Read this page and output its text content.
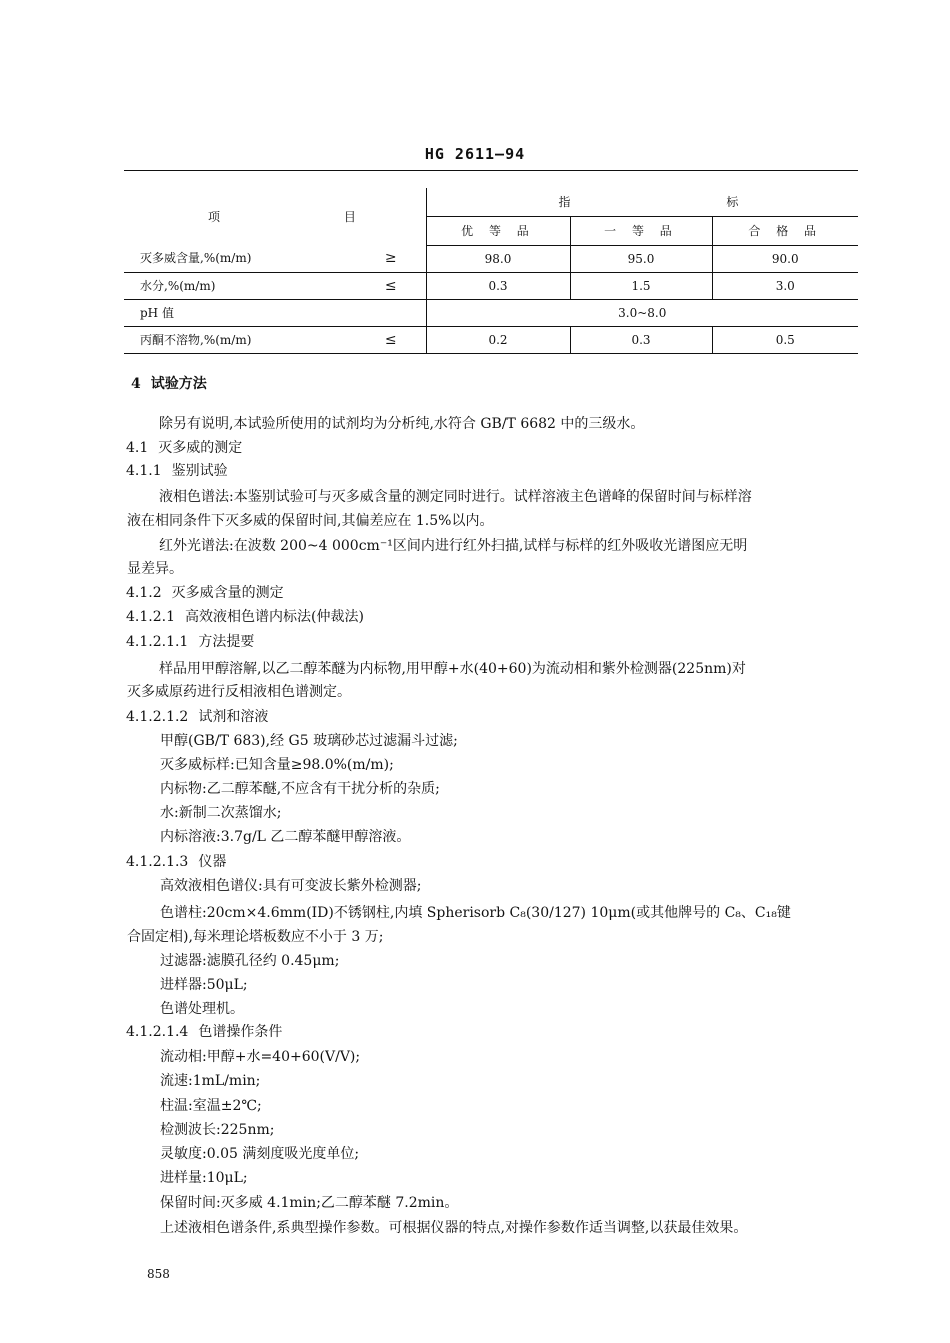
HG 2611—94
项 目		指 标		
		优 等 品	一 等 品	合 格 品
灭多威含量,%(m/m)	≥	98.0	95.0	90.0
水分,%(m/m)	≤	0.3	1.5	3.0
pH 值		3.0~8.0		
丙酮不溶物,%(m/m)	≤	0.2	0.3	0.5
4 试验方法
除另有说明,本试验所使用的试剂均为分析纯,水符合 GB/T 6682 中的三级水。
4.1 灭多威的测定
4.1.1 鉴别试验
液相色谱法:本鉴别试验可与灭多威含量的测定同时进行。试样溶液主色谱峰的保留时间与标样溶
液在相同条件下灭多威的保留时间,其偏差应在 1.5%以内。
红外光谱法:在波数 200~4 000cm⁻¹区间内进行红外扫描,试样与标样的红外吸收光谱图应无明
显差异。
4.1.2 灭多威含量的测定
4.1.2.1 高效液相色谱内标法(仲裁法)
4.1.2.1.1 方法提要
样品用甲醇溶解,以乙二醇苯醚为内标物,用甲醇+水(40+60)为流动相和紫外检测器(225nm)对
灭多威原药进行反相液相色谱测定。
4.1.2.1.2 试剂和溶液
甲醇(GB/T 683),经 G5 玻璃砂芯过滤漏斗过滤;
灭多威标样:已知含量≥98.0%(m/m);
内标物:乙二醇苯醚,不应含有干扰分析的杂质;
水:新制二次蒸馏水;
内标溶液:3.7g/L 乙二醇苯醚甲醇溶液。
4.1.2.1.3 仪器
高效液相色谱仪:具有可变波长紫外检测器;
色谱柱:20cm×4.6mm(ID)不锈钢柱,内填 Spherisorb C₈(30/127) 10μm(或其他牌号的 C₈、C₁₈键
合固定相),每米理论塔板数应不小于 3 万;
过滤器:滤膜孔径约 0.45μm;
进样器:50μL;
色谱处理机。
4.1.2.1.4 色谱操作条件
流动相:甲醇+水=40+60(V/V);
流速:1mL/min;
柱温:室温±2℃;
检测波长:225nm;
灵敏度:0.05 满刻度吸光度单位;
进样量:10μL;
保留时间:灭多威 4.1min;乙二醇苯醚 7.2min。
上述液相色谱条件,系典型操作参数。可根据仪器的特点,对操作参数作适当调整,以获最佳效果。
858
